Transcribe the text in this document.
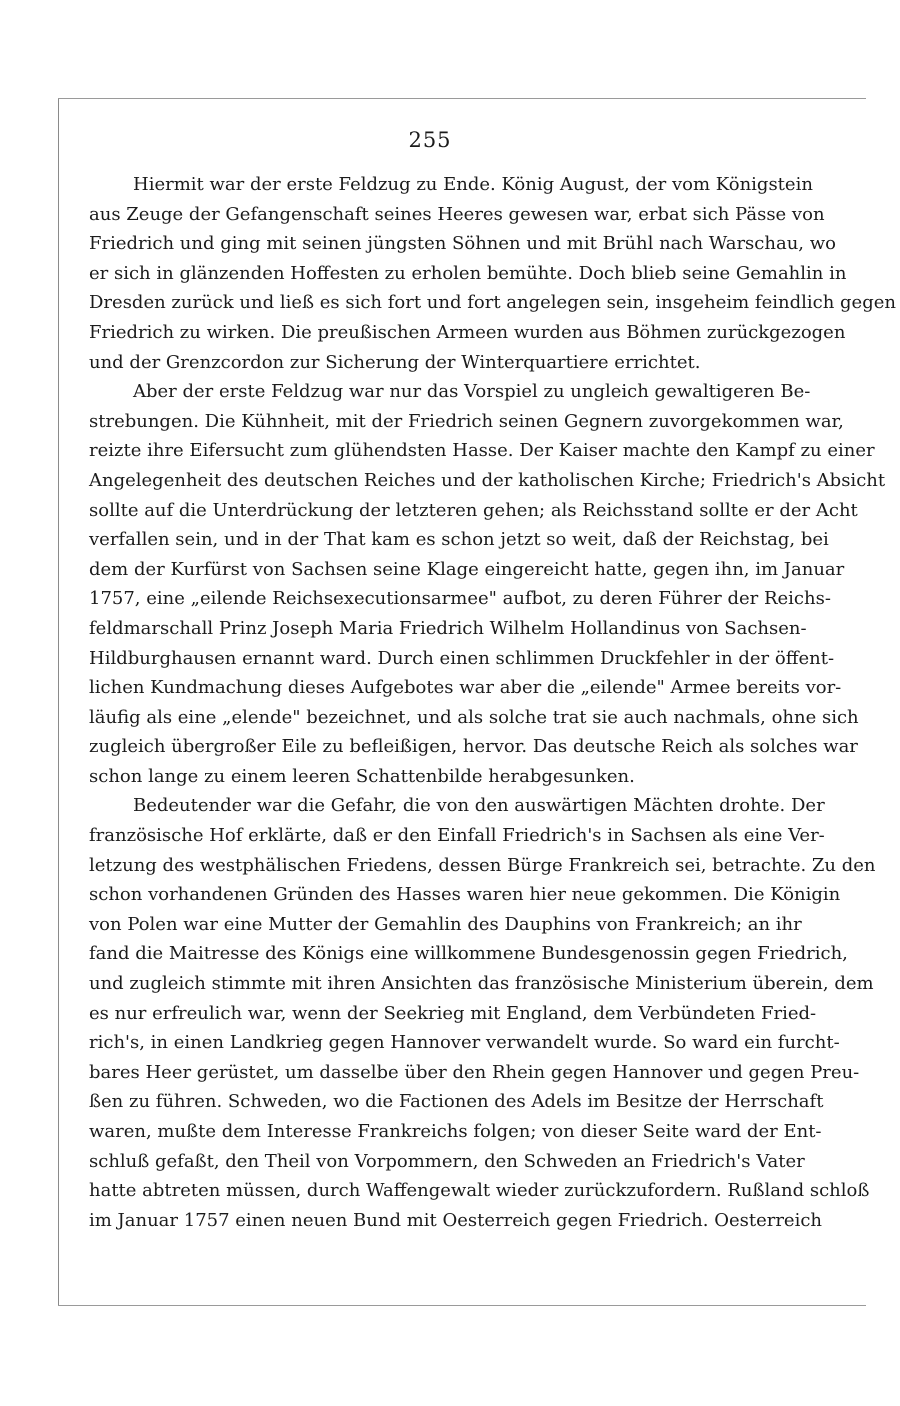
255
Hiermit war der erste Feldzug zu Ende. König August, der vom Königstein
aus Zeuge der Gefangenschaft seines Heeres gewesen war, erbat sich Pässe von
Friedrich und ging mit seinen jüngsten Söhnen und mit Brühl nach Warschau, wo
er sich in glänzenden Hoffesten zu erholen bemühte. Doch blieb seine Gemahlin in
Dresden zurück und ließ es sich fort und fort angelegen sein, insgeheim feindlich gegen
Friedrich zu wirken. Die preußischen Armeen wurden aus Böhmen zurückgezogen
und der Grenzcordon zur Sicherung der Winterquartiere errichtet.
Aber der erste Feldzug war nur das Vorspiel zu ungleich gewaltigeren Be-
strebungen. Die Kühnheit, mit der Friedrich seinen Gegnern zuvorgekommen war,
reizte ihre Eifersucht zum glühendsten Hasse. Der Kaiser machte den Kampf zu einer
Angelegenheit des deutschen Reiches und der katholischen Kirche; Friedrich's Absicht
sollte auf die Unterdrückung der letzteren gehen; als Reichsstand sollte er der Acht
verfallen sein, und in der That kam es schon jetzt so weit, daß der Reichstag, bei
dem der Kurfürst von Sachsen seine Klage eingereicht hatte, gegen ihn, im Januar
1757, eine „eilende Reichsexecutionsarmee" aufbot, zu deren Führer der Reichs-
feldmarschall Prinz Joseph Maria Friedrich Wilhelm Hollandinus von Sachsen-
Hildburghausen ernannt ward. Durch einen schlimmen Druckfehler in der öffent-
lichen Kundmachung dieses Aufgebotes war aber die „eilende" Armee bereits vor-
läufig als eine „elende" bezeichnet, und als solche trat sie auch nachmals, ohne sich
zugleich übergroßer Eile zu befleißigen, hervor. Das deutsche Reich als solches war
schon lange zu einem leeren Schattenbilde herabgesunken.
Bedeutender war die Gefahr, die von den auswärtigen Mächten drohte. Der
französische Hof erklärte, daß er den Einfall Friedrich's in Sachsen als eine Ver-
letzung des westphälischen Friedens, dessen Bürge Frankreich sei, betrachte. Zu den
schon vorhandenen Gründen des Hasses waren hier neue gekommen. Die Königin
von Polen war eine Mutter der Gemahlin des Dauphins von Frankreich; an ihr
fand die Maitresse des Königs eine willkommene Bundesgenossin gegen Friedrich,
und zugleich stimmte mit ihren Ansichten das französische Ministerium überein, dem
es nur erfreulich war, wenn der Seekrieg mit England, dem Verbündeten Fried-
rich's, in einen Landkrieg gegen Hannover verwandelt wurde. So ward ein furcht-
bares Heer gerüstet, um dasselbe über den Rhein gegen Hannover und gegen Preu-
ßen zu führen. Schweden, wo die Factionen des Adels im Besitze der Herrschaft
waren, mußte dem Interesse Frankreichs folgen; von dieser Seite ward der Ent-
schluß gefaßt, den Theil von Vorpommern, den Schweden an Friedrich's Vater
hatte abtreten müssen, durch Waffengewalt wieder zurückzufordern. Rußland schloß
im Januar 1757 einen neuen Bund mit Oesterreich gegen Friedrich. Oesterreich
